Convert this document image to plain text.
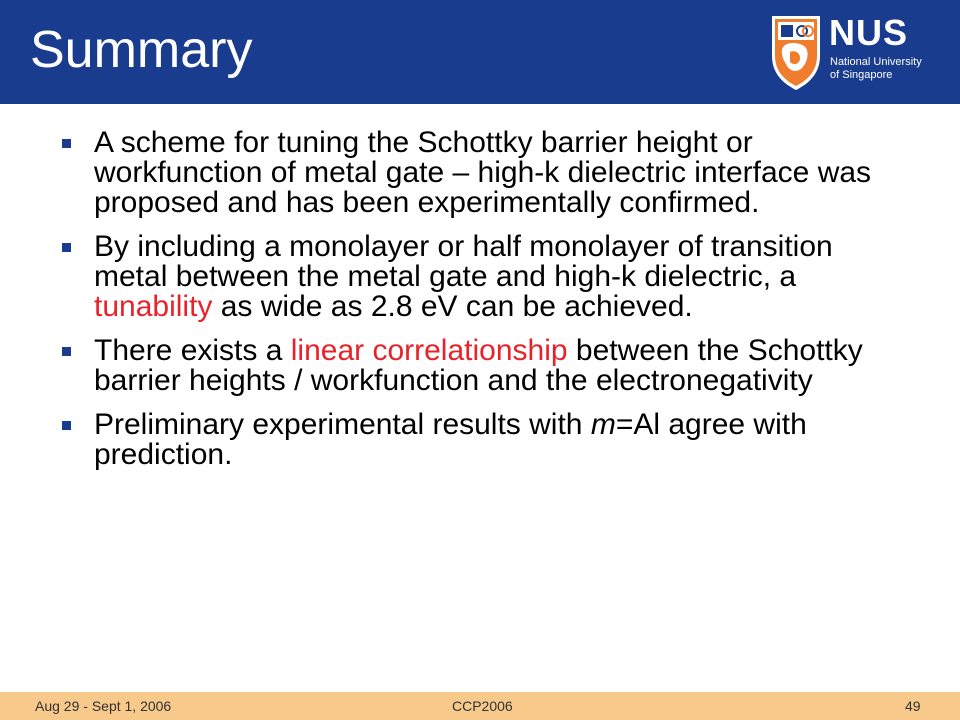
Summary	NUS
National University
of Singapore
A scheme for tuning the Schottky barrier height or workfunction of metal gate – high-k dielectric interface was proposed and has been experimentally confirmed.
By including a monolayer or half monolayer of transition metal between the metal gate and high-k dielectric, a tunability as wide as 2.8 eV can be achieved.
There exists a linear correlationship between the Schottky barrier heights / workfunction and the electronegativity
Preliminary experimental results with m=Al agree with prediction.
Aug 29 - Sept 1, 2006	CCP2006	49
